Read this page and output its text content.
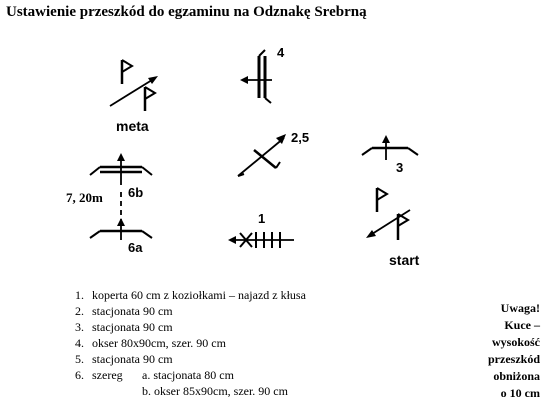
Ustawienie przeszkód do egzaminu na Odznakę Srebrną
meta
4
2,5
3
6b
7, 20m
6a
1
start
1. koperta 60 cm z koziołkami – najazd z kłusa
2. stacjonata 90 cm
3. stacjonata 90 cm
4. okser 80x90cm, szer. 90 cm
5. stacjonata 90 cm
6. szereg a. stacjonata 80 cm
b. okser 85x90cm, szer. 90 cm
Uwaga!
Kuce –
wysokość
przeszkód
obniżona
o 10 cm
